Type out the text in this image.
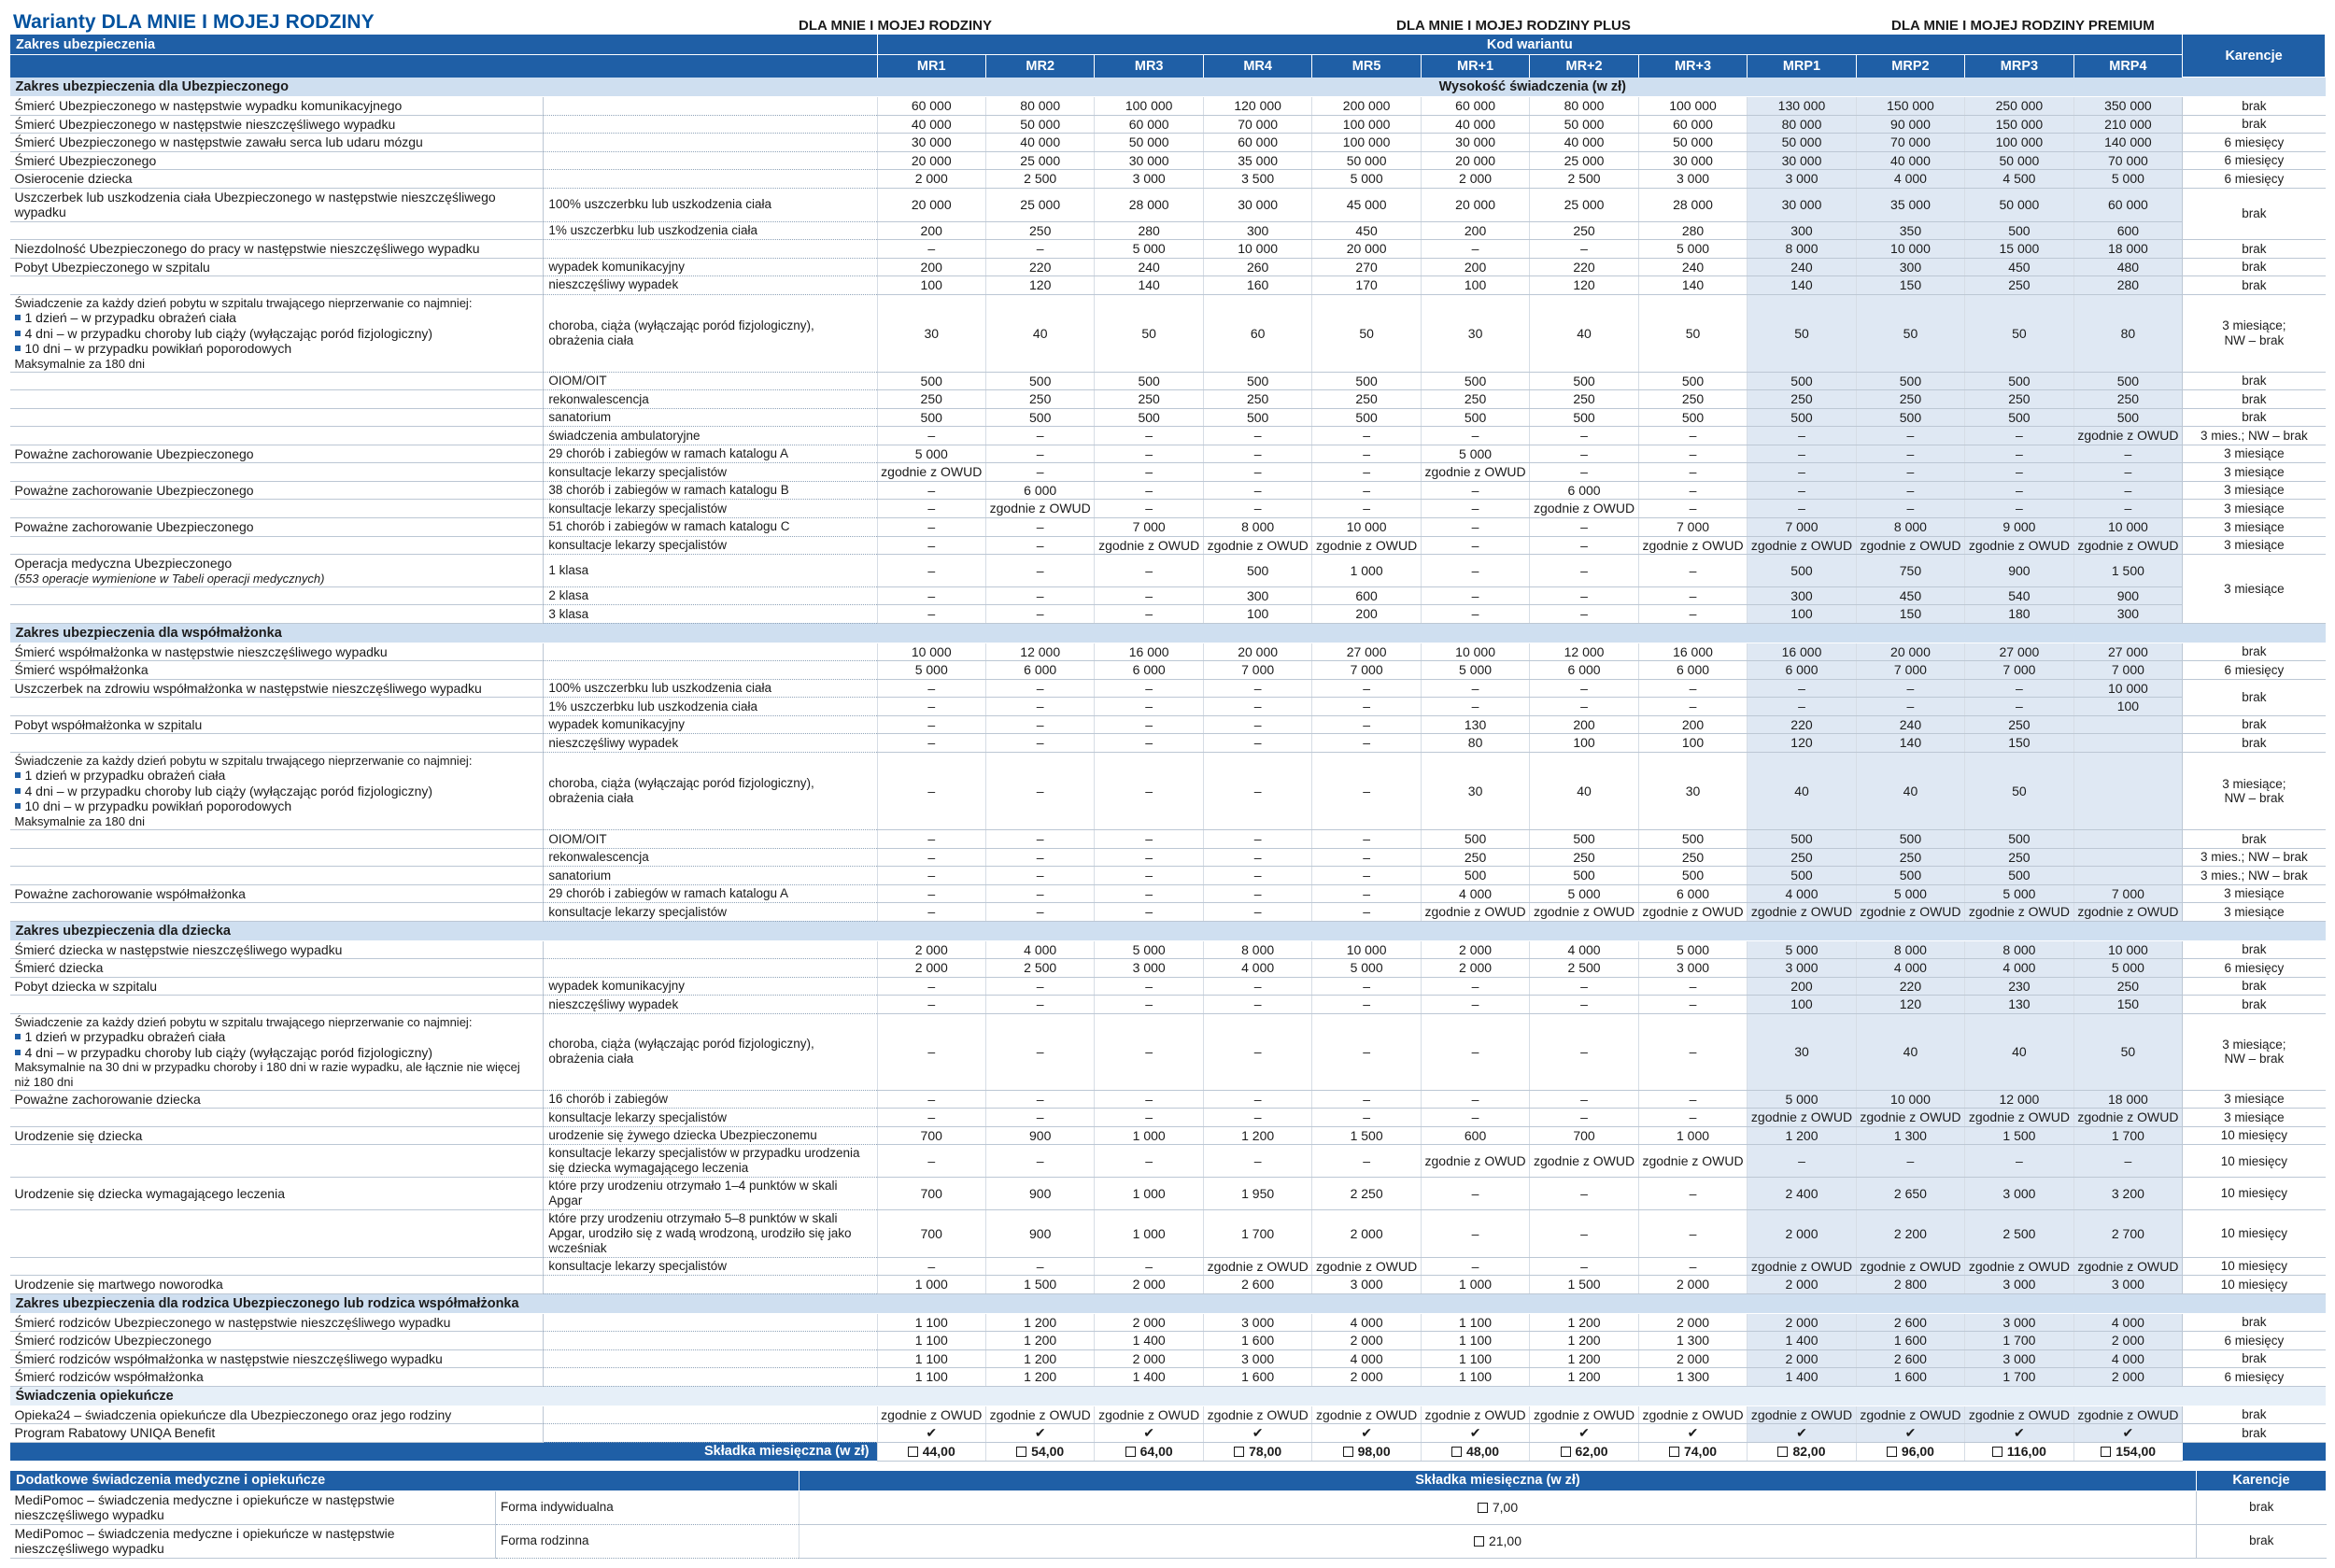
Warianty DLA MNIE I MOJEJ RODZINY	DLA MNIE I MOJEJ RODZINY	DLA MNIE I MOJEJ RODZINY PLUS	DLA MNIE I MOJEJ RODZINY PREMIUM
Zakres ubezpieczenia		Kod wariantu												Karencje
		MR1	MR2	MR3	MR4	MR5	MR+1	MR+2	MR+3	MRP1	MRP2	MRP3	MRP4	
Zakres ubezpieczenia dla Ubezpieczonego		Wysokość świadczenia (w zł)												
Śmierć Ubezpieczonego w następstwie wypadku komunikacyjnego		60 000	80 000	100 000	120 000	200 000	60 000	80 000	100 000	130 000	150 000	250 000	350 000	brak
Śmierć Ubezpieczonego w następstwie nieszczęśliwego wypadku		40 000	50 000	60 000	70 000	100 000	40 000	50 000	60 000	80 000	90 000	150 000	210 000	brak
Śmierć Ubezpieczonego w następstwie zawału serca lub udaru mózgu		30 000	40 000	50 000	60 000	100 000	30 000	40 000	50 000	50 000	70 000	100 000	140 000	6 miesięcy
Śmierć Ubezpieczonego		20 000	25 000	30 000	35 000	50 000	20 000	25 000	30 000	30 000	40 000	50 000	70 000	6 miesięcy
Osierocenie dziecka		2 000	2 500	3 000	3 500	5 000	2 000	2 500	3 000	3 000	4 000	4 500	5 000	6 miesięcy
Uszczerbek lub uszkodzenia ciała Ubezpieczonego w następstwie nieszczęśliwego wypadku	100% uszczerbku lub uszkodzenia ciała	20 000	25 000	28 000	30 000	45 000	20 000	25 000	28 000	30 000	35 000	50 000	60 000	brak
	1% uszczerbku lub uszkodzenia ciała	200	250	280	300	450	200	250	280	300	350	500	600	
Niezdolność Ubezpieczonego do pracy w następstwie nieszczęśliwego wypadku		–	–	5 000	10 000	20 000	–	–	5 000	8 000	10 000	15 000	18 000	brak
Pobyt Ubezpieczonego w szpitalu	wypadek komunikacyjny	200	220	240	260	270	200	220	240	240	300	450	480	brak
	nieszczęśliwy wypadek	100	120	140	160	170	100	120	140	140	150	250	280	brak

Świadczenie za każdy dzień pobytu w szpitalu trwającego nieprzerwanie co najmniej:
1 dzień – w przypadku obrażeń ciała
4 dni – w przypadku choroby lub ciąży (wyłączając poród fizjologiczny)
10 dni – w przypadku powikłań poporodowych
Maksymalnie za 180 dni
	choroba, ciąża (wyłączając poród fizjologiczny), obrażenia ciała	30	40	50	60	50	30	40	50	50	50	50	80	3 miesiące;
NW – brak
	OIOM/OIT	500	500	500	500	500	500	500	500	500	500	500	500	brak
	rekonwalescencja	250	250	250	250	250	250	250	250	250	250	250	250	brak
	sanatorium	500	500	500	500	500	500	500	500	500	500	500	500	brak
	świadczenia ambulatoryjne	–	–	–	–	–	–	–	–	–	–	–	zgodnie z OWUD	3 mies.; NW – brak
Poważne zachorowanie Ubezpieczonego	29 chorób i zabiegów w ramach katalogu A	5 000	–	–	–	–	5 000	–	–	–	–	–	–	3 miesiące
	konsultacje lekarzy specjalistów	zgodnie z OWUD	–	–	–	–	zgodnie z OWUD	–	–	–	–	–	–	3 miesiące
Poważne zachorowanie Ubezpieczonego	38 chorób i zabiegów w ramach katalogu B	–	6 000	–	–	–	–	6 000	–	–	–	–	–	3 miesiące
	konsultacje lekarzy specjalistów	–	zgodnie z OWUD	–	–	–	–	zgodnie z OWUD	–	–	–	–	–	3 miesiące
Poważne zachorowanie Ubezpieczonego	51 chorób i zabiegów w ramach katalogu C	–	–	7 000	8 000	10 000	–	–	7 000	7 000	8 000	9 000	10 000	3 miesiące
	konsultacje lekarzy specjalistów	–	–	zgodnie z OWUD	zgodnie z OWUD	zgodnie z OWUD	–	–	zgodnie z OWUD	zgodnie z OWUD	zgodnie z OWUD	zgodnie z OWUD	zgodnie z OWUD	3 miesiące
Operacja medyczna Ubezpieczonego
(553 operacje wymienione w Tabeli operacji medycznych)	1 klasa	–	–	–	500	1 000	–	–	–	500	750	900	1 500	3 miesiące
	2 klasa	–	–	–	300	600	–	–	–	300	450	540	900	
	3 klasa	–	–	–	100	200	–	–	–	100	150	180	300	
Zakres ubezpieczenia dla współmałżonka														
Śmierć współmałżonka w następstwie nieszczęśliwego wypadku		10 000	12 000	16 000	20 000	27 000	10 000	12 000	16 000	16 000	20 000	27 000	27 000	brak
Śmierć współmałżonka		5 000	6 000	6 000	7 000	7 000	5 000	6 000	6 000	6 000	7 000	7 000	7 000	6 miesięcy
Uszczerbek na zdrowiu współmałżonka w następstwie nieszczęśliwego wypadku	100% uszczerbku lub uszkodzenia ciała	–	–	–	–	–	–	–	–	–	–	–	10 000	brak
	1% uszczerbku lub uszkodzenia ciała	–	–	–	–	–	–	–	–	–	–	–	100	
Pobyt współmałżonka w szpitalu	wypadek komunikacyjny	–	–	–	–	–	130	200	200	220	240	250		brak
	nieszczęśliwy wypadek	–	–	–	–	–	80	100	100	120	140	150		brak

Świadczenie za każdy dzień pobytu w szpitalu trwającego nieprzerwanie co najmniej:
1 dzień w przypadku obrażeń ciała
4 dni – w przypadku choroby lub ciąży (wyłączając poród fizjologiczny)
10 dni – w przypadku powikłań poporodowych
Maksymalnie za 180 dni
	choroba, ciąża (wyłączając poród fizjologiczny), obrażenia ciała	–	–	–	–	–	30	40	30	40	40	50		3 miesiące;
NW – brak
	OIOM/OIT	–	–	–	–	–	500	500	500	500	500	500		brak
	rekonwalescencja	–	–	–	–	–	250	250	250	250	250	250		3 mies.; NW – brak
	sanatorium	–	–	–	–	–	500	500	500	500	500	500		3 mies.; NW – brak
Poważne zachorowanie współmałżonka	29 chorób i zabiegów w ramach katalogu A	–	–	–	–	–	4 000	5 000	6 000	4 000	5 000	5 000	7 000	3 miesiące
	konsultacje lekarzy specjalistów	–	–	–	–	–	zgodnie z OWUD	zgodnie z OWUD	zgodnie z OWUD	zgodnie z OWUD	zgodnie z OWUD	zgodnie z OWUD	zgodnie z OWUD	3 miesiące
Zakres ubezpieczenia dla dziecka														
Śmierć dziecka w następstwie nieszczęśliwego wypadku		2 000	4 000	5 000	8 000	10 000	2 000	4 000	5 000	5 000	8 000	8 000	10 000	brak
Śmierć dziecka		2 000	2 500	3 000	4 000	5 000	2 000	2 500	3 000	3 000	4 000	4 000	5 000	6 miesięcy
Pobyt dziecka w szpitalu	wypadek komunikacyjny	–	–	–	–	–	–	–	–	200	220	230	250	brak
	nieszczęśliwy wypadek	–	–	–	–	–	–	–	–	100	120	130	150	brak

Świadczenie za każdy dzień pobytu w szpitalu trwającego nieprzerwanie co najmniej:
1 dzień w przypadku obrażeń ciała
4 dni – w przypadku choroby lub ciąży (wyłączając poród fizjologiczny)
Maksymalnie na 30 dni w przypadku choroby i 180 dni w razie wypadku, ale łącznie nie więcej niż 180 dni
	choroba, ciąża (wyłączając poród fizjologiczny), obrażenia ciała	–	–	–	–	–	–	–	–	30	40	40	50	3 miesiące;
NW – brak
Poważne zachorowanie dziecka	16 chorób i zabiegów	–	–	–	–	–	–	–	–	5 000	10 000	12 000	18 000	3 miesiące
	konsultacje lekarzy specjalistów	–	–	–	–	–	–	–	–	zgodnie z OWUD	zgodnie z OWUD	zgodnie z OWUD	zgodnie z OWUD	3 miesiące
Urodzenie się dziecka	urodzenie się żywego dziecka Ubezpieczonemu	700	900	1 000	1 200	1 500	600	700	1 000	1 200	1 300	1 500	1 700	10 miesięcy
	konsultacje lekarzy specjalistów w przypadku urodzenia się dziecka wymagającego leczenia	–	–	–	–	–	zgodnie z OWUD	zgodnie z OWUD	zgodnie z OWUD	–	–	–	–	10 miesięcy
Urodzenie się dziecka wymagającego leczenia	które przy urodzeniu otrzymało 1–4 punktów w skali Apgar	700	900	1 000	1 950	2 250	–	–	–	2 400	2 650	3 000	3 200	10 miesięcy
	które przy urodzeniu otrzymało 5–8 punktów w skali Apgar, urodziło się z wadą wrodzoną, urodziło się jako wcześniak	700	900	1 000	1 700	2 000	–	–	–	2 000	2 200	2 500	2 700	10 miesięcy
	konsultacje lekarzy specjalistów	–	–	–	zgodnie z OWUD	zgodnie z OWUD	–	–	–	zgodnie z OWUD	zgodnie z OWUD	zgodnie z OWUD	zgodnie z OWUD	10 miesięcy
Urodzenie się martwego noworodka		1 000	1 500	2 000	2 600	3 000	1 000	1 500	2 000	2 000	2 800	3 000	3 000	10 miesięcy
Zakres ubezpieczenia dla rodzica Ubezpieczonego lub rodzica współmałżonka														
Śmierć rodziców Ubezpieczonego w następstwie nieszczęśliwego wypadku		1 100	1 200	2 000	3 000	4 000	1 100	1 200	2 000	2 000	2 600	3 000	4 000	brak
Śmierć rodziców Ubezpieczonego		1 100	1 200	1 400	1 600	2 000	1 100	1 200	1 300	1 400	1 600	1 700	2 000	6 miesięcy
Śmierć rodziców współmałżonka w następstwie nieszczęśliwego wypadku		1 100	1 200	2 000	3 000	4 000	1 100	1 200	2 000	2 000	2 600	3 000	4 000	brak
Śmierć rodziców współmałżonka		1 100	1 200	1 400	1 600	2 000	1 100	1 200	1 300	1 400	1 600	1 700	2 000	6 miesięcy
Świadczenia opiekuńcze														
Opieka24 – świadczenia opiekuńcze dla Ubezpieczonego oraz jego rodziny		zgodnie z OWUD	zgodnie z OWUD	zgodnie z OWUD	zgodnie z OWUD	zgodnie z OWUD	zgodnie z OWUD	zgodnie z OWUD	zgodnie z OWUD	zgodnie z OWUD	zgodnie z OWUD	zgodnie z OWUD	zgodnie z OWUD	brak
Program Rabatowy UNIQA Benefit		✔	✔	✔	✔	✔	✔	✔	✔	✔	✔	✔	✔	brak
Składka miesięczna (w zł)		44,00	54,00	64,00	78,00	98,00	48,00	62,00	74,00	82,00	96,00	116,00	154,00	
Dodatkowe świadczenia medyczne i opiekuńcze		Składka miesięczna (w zł)	Karencje
MediPomoc – świadczenia medyczne i opiekuńcze w następstwie nieszczęśliwego wypadku	Forma indywidualna	7,00	brak
MediPomoc – świadczenia medyczne i opiekuńcze w następstwie nieszczęśliwego wypadku	Forma rodzinna	21,00	brak
